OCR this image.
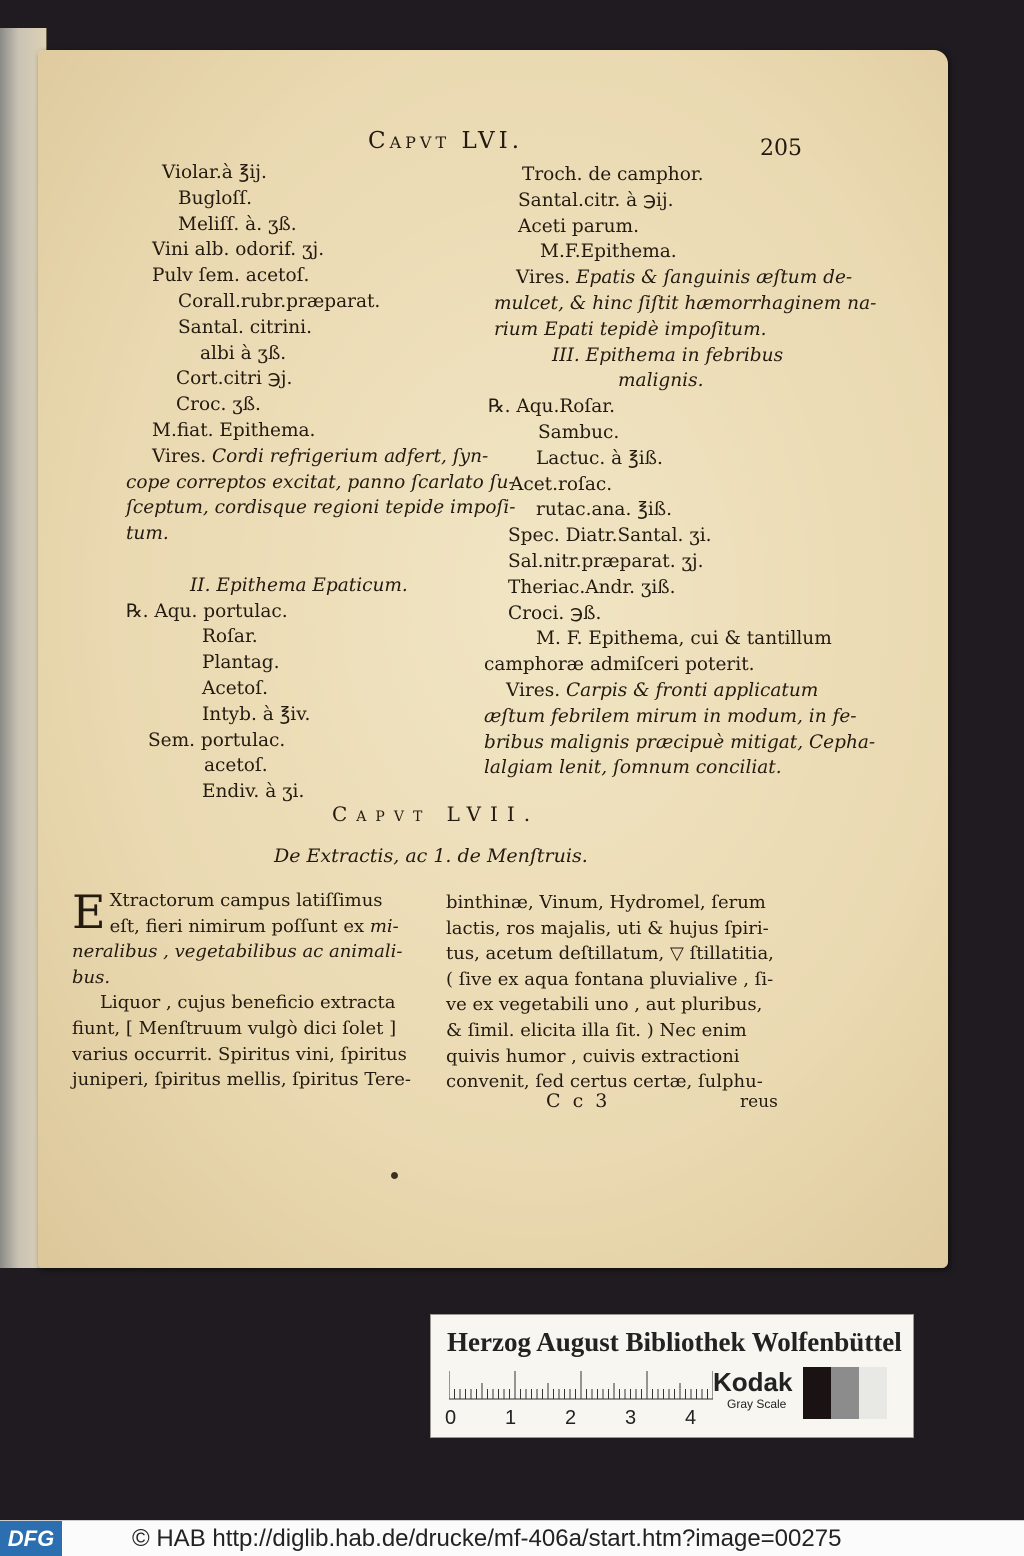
Capvt LVI.	205
Violar.à ℥ij.
Bugloſſ.
Meliſſ. à. ʒß.
Vini alb. odorif. ʒj.
Pulv ſem. acetoſ.
Corall.rubr.præparat.
Santal. citrini.
albi à ʒß.
Cort.citri ℈j.
Croc. ʒß.
M.fiat. Epithema.
Vires. Cordi refrigerium adfert, ſyn-
cope correptos excitat, panno ſcarlato ſu-
ſceptum, cordisque regioni tepide impoſi-
tum.

II. Epithema Epaticum.
℞. Aqu. portulac.
Roſar.
Plantag.
Acetoſ.
Intyb. à ℥iv.
Sem. portulac.
acetoſ.
Endiv. à ʒi.
Troch. de camphor.
Santal.citr. à ℈ij.
Aceti parum.
M.F.Epithema.
Vires. Epatis & ſanguinis æſtum de-
mulcet, & hinc ſiſtit hæmorrhaginem na-
rium Epati tepidè impoſitum.
III. Epithema in febribus
malignis.
℞. Aqu.Roſar.
Sambuc.
Lactuc. à ℥iß.
Acet.roſac.
rutac.ana. ℥iß.
Spec. Diatr.Santal. ʒi.
Sal.nitr.præparat. ʒj.
Theriac.Andr. ʒiß.
Croci. ℈ß.
M. F. Epithema, cui & tantillum
camphoræ admiſceri poterit.
Vires. Carpis & fronti applicatum
æſtum febrilem mirum in modum, in fe-
bribus malignis præcipuè mitigat, Cepha-
lalgiam lenit, ſomnum conciliat.
Capvt LVII.
De Extractis, ac 1. de Menſtruis.
E Xtractorum campus latiſſimus
eſt, fieri nimirum poſſunt ex mi-
neralibus , vegetabilibus ac animali-
bus.
Liquor , cujus beneficio extracta
fiunt, [ Menſtruum vulgò dici ſolet ]
varius occurrit. Spiritus vini, ſpiritus
juniperi, ſpiritus mellis, ſpiritus Tere-
binthinæ, Vinum, Hydromel, ſerum
lactis, ros majalis, uti & hujus ſpiri-
tus, acetum deſtillatum, ▽ ſtillatitia,
( ſive ex aqua fontana pluvialive , ſi-
ve ex vegetabili uno , aut pluribus,
& ſimil. elicita illa ſit. ) Nec enim
quivis humor , cuivis extractioni
convenit, ſed certus certæ, ſulphu-
C c 3	reus
Herzog August Bibliothek Wolfenbüttel
0 1 2 3 4
Kodak
Gray Scale
DFG	© HAB http://diglib.hab.de/drucke/mf-406a/start.htm?image=00275
